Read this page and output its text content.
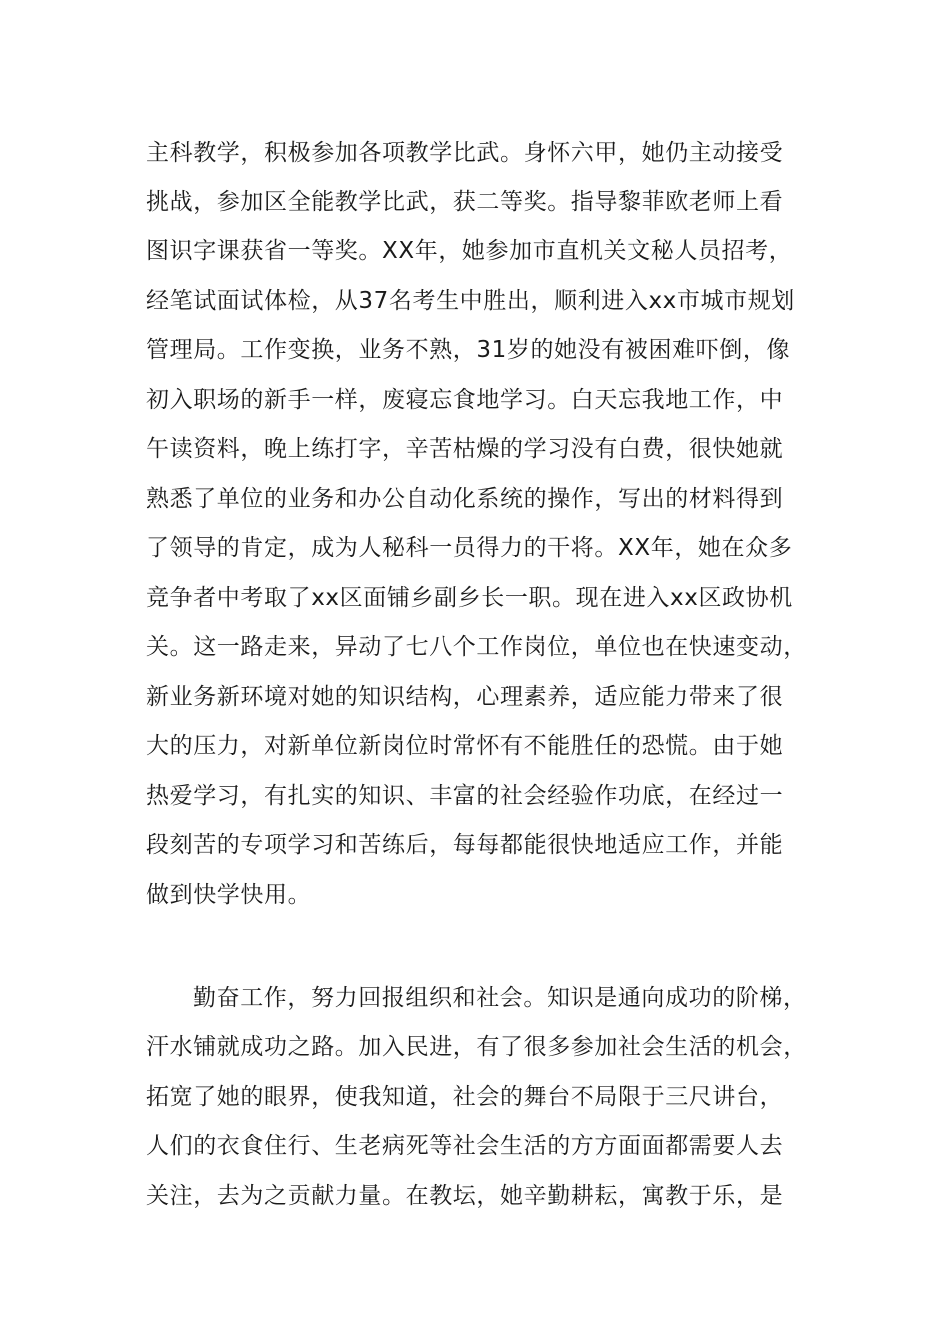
主科教学，积极参加各项教学比武。身怀六甲，她仍主动接受
挑战，参加区全能教学比武，获二等奖。指导黎菲欧老师上看
图识字课获省一等奖。XX年，她参加市直机关文秘人员招考，
经笔试面试体检，从37名考生中胜出，顺利进入xx市城市规划
管理局。工作变换，业务不熟，31岁的她没有被困难吓倒，像
初入职场的新手一样，废寝忘食地学习。白天忘我地工作，中
午读资料，晚上练打字，辛苦枯燥的学习没有白费，很快她就
熟悉了单位的业务和办公自动化系统的操作，写出的材料得到
了领导的肯定，成为人秘科一员得力的干将。XX年，她在众多
竞争者中考取了xx区面铺乡副乡长一职。现在进入xx区政协机
关。这一路走来，异动了七八个工作岗位，单位也在快速变动，
新业务新环境对她的知识结构，心理素养，适应能力带来了很
大的压力，对新单位新岗位时常怀有不能胜任的恐慌。由于她
热爱学习，有扎实的知识、丰富的社会经验作功底，在经过一
段刻苦的专项学习和苦练后，每每都能很快地适应工作，并能
做到快学快用。
勤奋工作，努力回报组织和社会。知识是通向成功的阶梯，
汗水铺就成功之路。加入民进，有了很多参加社会生活的机会，
拓宽了她的眼界，使我知道，社会的舞台不局限于三尺讲台，
人们的衣食住行、生老病死等社会生活的方方面面都需要人去
关注，去为之贡献力量。在教坛，她辛勤耕耘，寓教于乐，是
